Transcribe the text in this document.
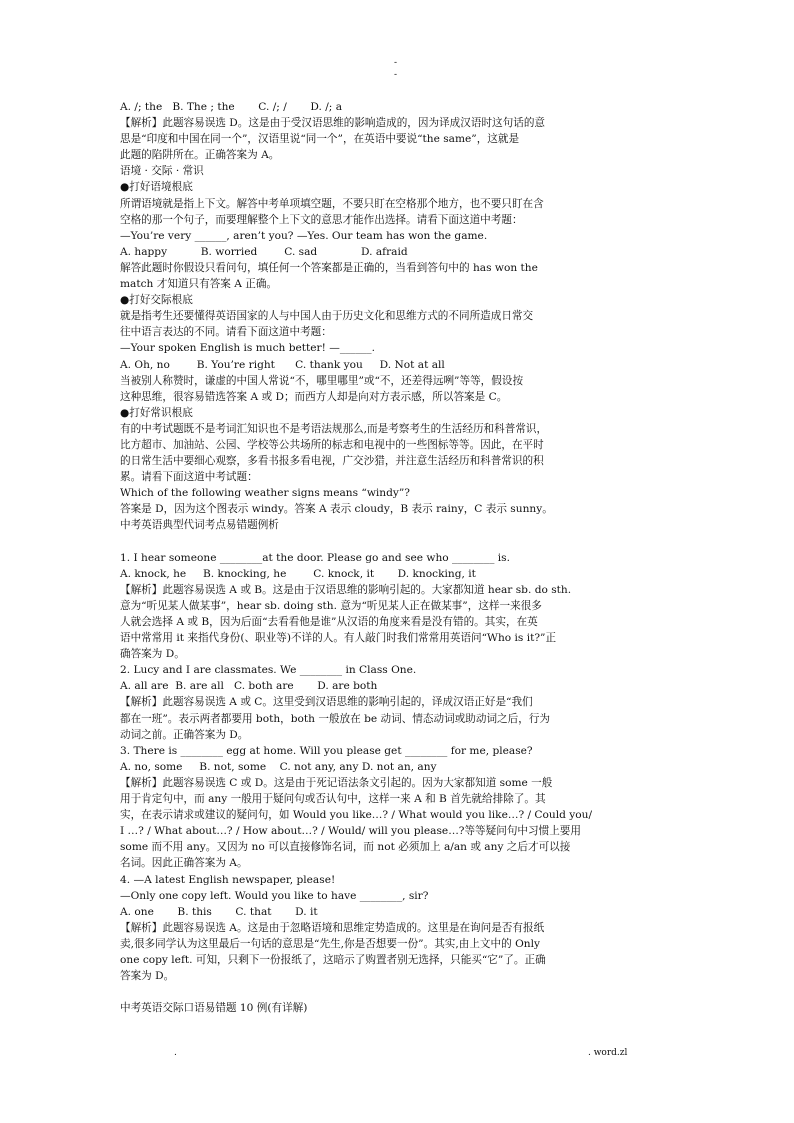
-
-

A. /; the   B. The ; the       C. /; /       D. /; a

【解析】此题容易误选 D。这是由于受汉语思维的影响造成的，因为译成汉语时这句话的意

思是“印度和中国在同一个”，汉语里说“同一个”，在英语中要说“the same”，这就是

此题的陷阱所在。正确答案为 A。

语境 · 交际 · 常识

●打好语境根底

所谓语境就是指上下文。解答中考单项填空题，不要只盯在空格那个地方，也不要只盯在含

空格的那一个句子，而要理解整个上下文的意思才能作出选择。请看下面这道中考题：

—You’re very ______, aren’t you? —Yes. Our team has won the game.

A. happy          B. worried        C. sad             D. afraid

解答此题时你假设只看问句，填任何一个答案都是正确的，当看到答句中的 has won the

match 才知道只有答案 A 正确。

●打好交际根底

就是指考生还要懂得英语国家的人与中国人由于历史文化和思维方式的不同所造成日常交

往中语言表达的不同。请看下面这道中考题：

—Your spoken English is much better! —______.

A. Oh, no        B. You’re right      C. thank you     D. Not at all

当被别人称赞时，谦虚的中国人常说“不，哪里哪里”或“不，还差得远咧”等等，假设按

这种思维，很容易错选答案 A 或 D；而西方人却是向对方表示感，所以答案是 C。

●打好常识根底

有的中考试题既不是考词汇知识也不是考语法规那么,而是考察考生的生活经历和科普常识，

比方超市、加油站、公园、学校等公共场所的标志和电视中的一些图标等等。因此，在平时

的日常生活中要细心观察，多看书报多看电视，广交沙猎，并注意生活经历和科普常识的积

累。请看下面这道中考试题：

Which of the following weather signs means “windy”?

答案是 D，因为这个图表示 windy。答案 A 表示 cloudy，B 表示 rainy，C 表示 sunny。

中考英语典型代词考点易错题例析

1. I hear someone ________at the door. Please go and see who ________ is.

A. knock, he     B. knocking, he        C. knock, it       D. knocking, it

【解析】此题容易误选 A 或 B。这是由于汉语思维的影响引起的。大家都知道 hear sb. do sth.

意为“听见某人做某事”，hear sb. doing sth. 意为“听见某人正在做某事”，这样一来很多

人就会选择 A 或 B，因为后面“去看看他是谁”从汉语的角度来看是没有错的。其实，在英

语中常常用 it 来指代身份(、职业等)不详的人。有人敲门时我们常常用英语问“Who is it?”正

确答案为 D。

2. Lucy and I are classmates. We ________ in Class One.

A. all are  B. are all   C. both are       D. are both

【解析】此题容易误选 A 或 C。这里受到汉语思维的影响引起的，译成汉语正好是“我们

都在一班”。表示两者都要用 both，both 一般放在 be 动词、情态动词或助动词之后，行为

动词之前。正确答案为 D。

3. There is ________ egg at home. Will you please get ________ for me, please?

A. no, some     B. not, some    C. not any, any D. not an, any

【解析】此题容易误选 C 或 D。这是由于死记语法条文引起的。因为大家都知道 some 一般

用于肯定句中，而 any 一般用于疑问句或否认句中，这样一来 A 和 B 首先就给排除了。其

实，在表示请求或建议的疑问句，如 Would you like…? / What would you like…? / Could you/

I …? / What about…? / How about…? / Would/ will you please…?等等疑问句中习惯上要用

some 而不用 any。又因为 no 可以直接修饰名词，而 not 必须加上 a/an 或 any 之后才可以接

名词。因此正确答案为 A。

4. —A latest English newspaper, please!

—Only one copy left. Would you like to have ________, sir?

A. one       B. this       C. that       D. it

【解析】此题容易误选 A。这是由于忽略语境和思维定势造成的。这里是在询问是否有报纸

卖,很多同学认为这里最后一句话的意思是“先生,你是否想要一份”。其实,由上文中的 Only

one copy left. 可知，只剩下一份报纸了，这暗示了购置者别无选择，只能买“它”了。正确

答案为 D。

中考英语交际口语易错题 10 例(有详解)

.	. word.zl
